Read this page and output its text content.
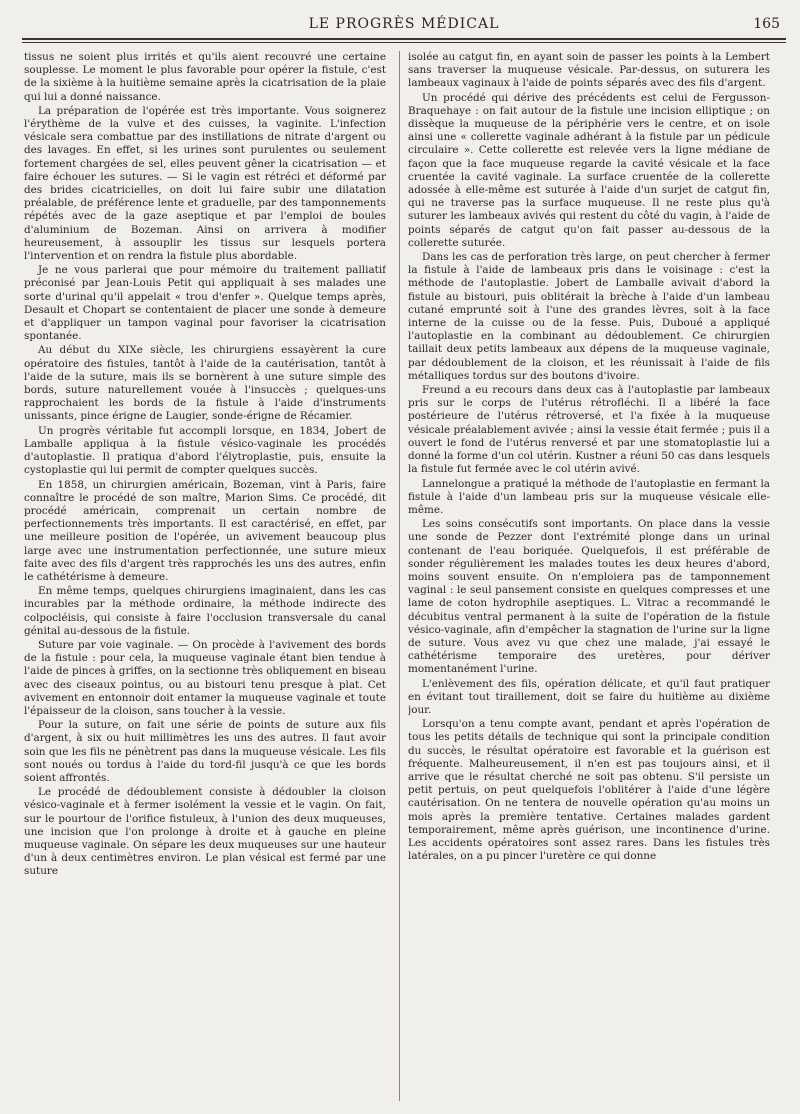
LE PROGRÈS MÉDICAL	165

tissus ne soient plus irrités et qu'ils aient recouvré une certaine souplesse. Le moment le plus favorable pour opérer la fistule, c'est de la sixième à la huitième semaine après la cicatrisation de la plaie qui lui a donné naissance.

La préparation de l'opérée est très importante. Vous soignerez l'érythème de la vulve et des cuisses, la vaginite. L'infection vésicale sera combattue par des instillations de nitrate d'argent ou des lavages. En effet, si les urines sont purulentes ou seulement fortement chargées de sel, elles peuvent gêner la cicatrisation — et faire échouer les sutures. — Si le vagin est rétréci et déformé par des brides cicatricielles, on doit lui faire subir une dilatation préalable, de préférence lente et graduelle, par des tamponnements répétés avec de la gaze aseptique et par l'emploi de boules d'aluminium de Bozeman. Ainsi on arrivera à modifier heureusement, à assouplir les tissus sur lesquels portera l'intervention et on rendra la fistule plus abordable.

Je ne vous parlerai que pour mémoire du traitement palliatif préconisé par Jean-Louis Petit qui appliquait à ses malades une sorte d'urinal qu'il appelait « trou d'enfer ». Quelque temps après, Desault et Chopart se contentaient de placer une sonde à demeure et d'appliquer un tampon vaginal pour favoriser la cicatrisation spontanée.

Au début du XIXe siècle, les chirurgiens essayèrent la cure opératoire des fistules, tantôt à l'aide de la cautérisation, tantôt à l'aide de la suture, mais ils se bornèrent à une suture simple des bords, suture naturellement vouée à l'insuccès ; quelques-uns rapprochaient les bords de la fistule à l'aide d'instruments unissants, pince érigne de Laugier, sonde-érigne de Récamier.

Un progrès véritable fut accompli lorsque, en 1834, Jobert de Lamballe appliqua à la fistule vésico-vaginale les procédés d'autoplastie. Il pratiqua d'abord l'élytroplastie, puis, ensuite la cystoplastie qui lui permit de compter quelques succès.

En 1858, un chirurgien américain, Bozeman, vint à Paris, faire connaître le procédé de son maître, Marion Sims. Ce procédé, dit procédé américain, comprenait un certain nombre de perfectionnements très importants. Il est caractérisé, en effet, par une meilleure position de l'opérée, un avivement beaucoup plus large avec une instrumentation perfectionnée, une suture mieux faite avec des fils d'argent très rapprochés les uns des autres, enfin le cathétérisme à demeure.

En même temps, quelques chirurgiens imaginaient, dans les cas incurables par la méthode ordinaire, la méthode indirecte des colpocléisis, qui consiste à faire l'occlusion transversale du canal génital au-dessous de la fistule.

Suture par voie vaginale. — On procède à l'avivement des bords de la fistule : pour cela, la muqueuse vaginale étant bien tendue à l'aide de pinces à griffes, on la sectionne très obliquement en biseau avec des ciseaux pointus, ou au bistouri tenu presque à plat. Cet avivement en entonnoir doit entamer la muqueuse vaginale et toute l'épaisseur de la cloison, sans toucher à la vessie.

Pour la suture, on fait une série de points de suture aux fils d'argent, à six ou huit millimètres les uns des autres. Il faut avoir soin que les fils ne pénètrent pas dans la muqueuse vésicale. Les fils sont noués ou tordus à l'aide du tord-fil jusqu'à ce que les bords soient affrontés.

Le procédé de dédoublement consiste à dédoubler la cloison vésico-vaginale et à fermer isolément la vessie et le vagin. On fait, sur le pourtour de l'orifice fistuleux, à l'union des deux muqueuses, une incision que l'on prolonge à droite et à gauche en pleine muqueuse vaginale. On sépare les deux muqueuses sur une hauteur d'un à deux centimètres environ. Le plan vésical est fermé par une suture

isolée au catgut fin, en ayant soin de passer les points à la Lembert sans traverser la muqueuse vésicale. Par-dessus, on suturera les lambeaux vaginaux à l'aide de points séparés avec des fils d'argent.

Un procédé qui dérive des précédents est celui de Fergusson-Braquehaye : on fait autour de la fistule une incision elliptique ; on dissèque la muqueuse de la périphérie vers le centre, et on isole ainsi une « collerette vaginale adhérant à la fistule par un pédicule circulaire ». Cette collerette est relevée vers la ligne médiane de façon que la face muqueuse regarde la cavité vésicale et la face cruentée la cavité vaginale. La surface cruentée de la collerette adossée à elle-même est suturée à l'aide d'un surjet de catgut fin, qui ne traverse pas la surface muqueuse. Il ne reste plus qu'à suturer les lambeaux avivés qui restent du côté du vagin, à l'aide de points séparés de catgut qu'on fait passer au-dessous de la collerette suturée.

Dans les cas de perforation très large, on peut chercher à fermer la fistule à l'aide de lambeaux pris dans le voisinage : c'est la méthode de l'autoplastie. Jobert de Lamballe avivait d'abord la fistule au bistouri, puis oblitérait la brèche à l'aide d'un lambeau cutané emprunté soit à l'une des grandes lèvres, soit à la face interne de la cuisse ou de la fesse. Puis, Duboué a appliqué l'autoplastie en la combinant au dédoublement. Ce chirurgien taillait deux petits lambeaux aux dépens de la muqueuse vaginale, par dédoublement de la cloison, et les réunissait à l'aide de fils métalliques tordus sur des boutons d'ivoire.

Freund a eu recours dans deux cas à l'autoplastie par lambeaux pris sur le corps de l'utérus rétrofléchi. Il a libéré la face postérieure de l'utérus rétroversé, et l'a fixée à la muqueuse vésicale préalablement avivée ; ainsi la vessie était fermée ; puis il a ouvert le fond de l'utérus renversé et par une stomatoplastie lui a donné la forme d'un col utérin. Kustner a réuni 50 cas dans lesquels la fistule fut fermée avec le col utérin avivé.

Lannelongue a pratiqué la méthode de l'autoplastie en fermant la fistule à l'aide d'un lambeau pris sur la muqueuse vésicale elle-même.

Les soins consécutifs sont importants. On place dans la vessie une sonde de Pezzer dont l'extrémité plonge dans un urinal contenant de l'eau boriquée. Quelquefois, il est préférable de sonder régulièrement les malades toutes les deux heures d'abord, moins souvent ensuite. On n'emploiera pas de tamponnement vaginal : le seul pansement consiste en quelques compresses et une lame de coton hydrophile aseptiques. L. Vitrac a recommandé le décubitus ventral permanent à la suite de l'opération de la fistule vésico-vaginale, afin d'empêcher la stagnation de l'urine sur la ligne de suture. Vous avez vu que chez une malade, j'ai essayé le cathétérisme temporaire des uretères, pour dériver momentanément l'urine.

L'enlèvement des fils, opération délicate, et qu'il faut pratiquer en évitant tout tiraillement, doit se faire du huitième au dixième jour.

Lorsqu'on a tenu compte avant, pendant et après l'opération de tous les petits détails de technique qui sont la principale condition du succès, le résultat opératoire est favorable et la guérison est fréquente. Malheureusement, il n'en est pas toujours ainsi, et il arrive que le résultat cherché ne soit pas obtenu. S'il persiste un petit pertuis, on peut quelquefois l'oblitérer à l'aide d'une légère cautérisation. On ne tentera de nouvelle opération qu'au moins un mois après la première tentative. Certaines malades gardent temporairement, même après guérison, une incontinence d'urine. Les accidents opératoires sont assez rares. Dans les fistules très latérales, on a pu pincer l'uretère ce qui donne
